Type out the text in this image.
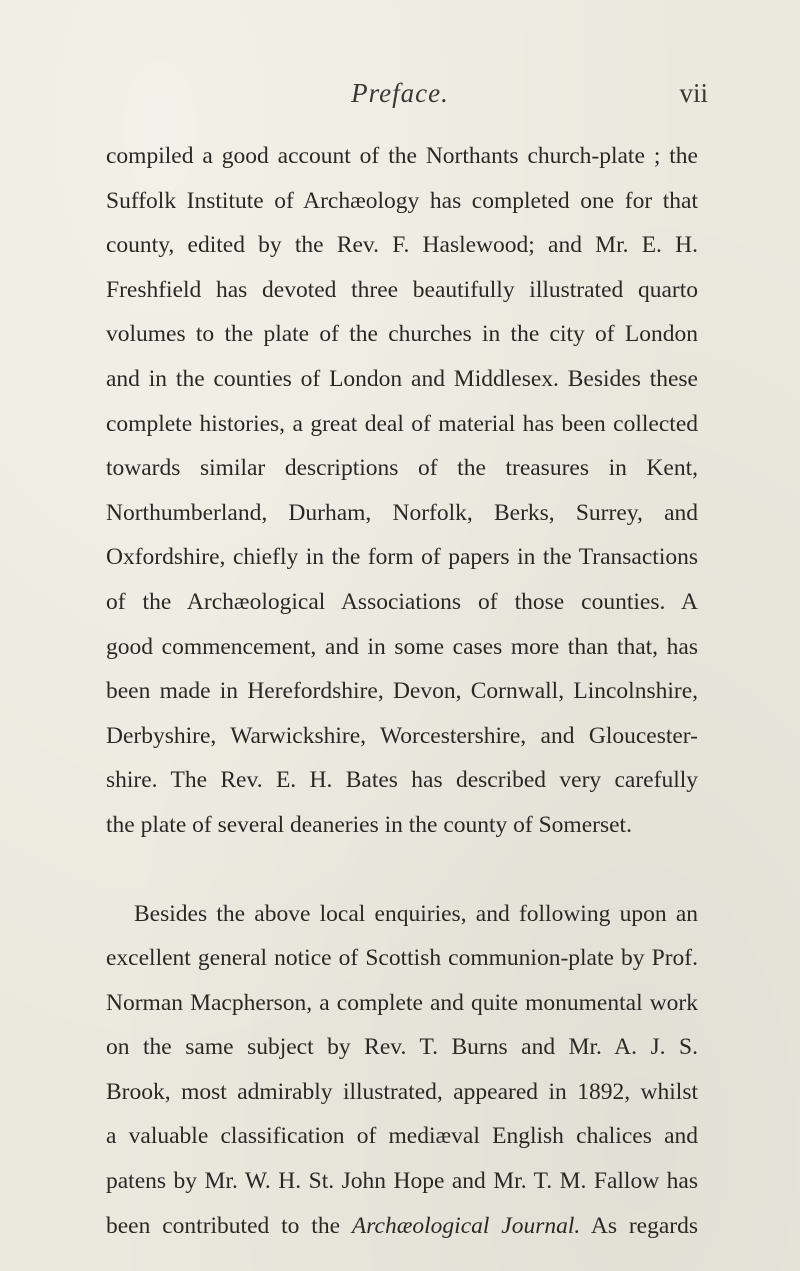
Preface.	vii
compiled a good account of the Northants church-plate ; the
Suffolk Institute of Archæology has completed one for that
county, edited by the Rev. F. Haslewood; and Mr. E. H.
Freshfield has devoted three beautifully illustrated quarto
volumes to the plate of the churches in the city of London
and in the counties of London and Middlesex. Besides these
complete histories, a great deal of material has been collected
towards similar descriptions of the treasures in Kent,
Northumberland, Durham, Norfolk, Berks, Surrey, and
Oxfordshire, chiefly in the form of papers in the Transactions
of the Archæological Associations of those counties. A
good commencement, and in some cases more than that, has
been made in Herefordshire, Devon, Cornwall, Lincolnshire,
Derbyshire, Warwickshire, Worcestershire, and Gloucester-
shire. The Rev. E. H. Bates has described very carefully
the plate of several deaneries in the county of Somerset.
Besides the above local enquiries, and following upon an
excellent general notice of Scottish communion-plate by Prof.
Norman Macpherson, a complete and quite monumental work
on the same subject by Rev. T. Burns and Mr. A. J. S.
Brook, most admirably illustrated, appeared in 1892, whilst
a valuable classification of mediæval English chalices and
patens by Mr. W. H. St. John Hope and Mr. T. M. Fallow has
been contributed to the Archæological Journal. As regards
